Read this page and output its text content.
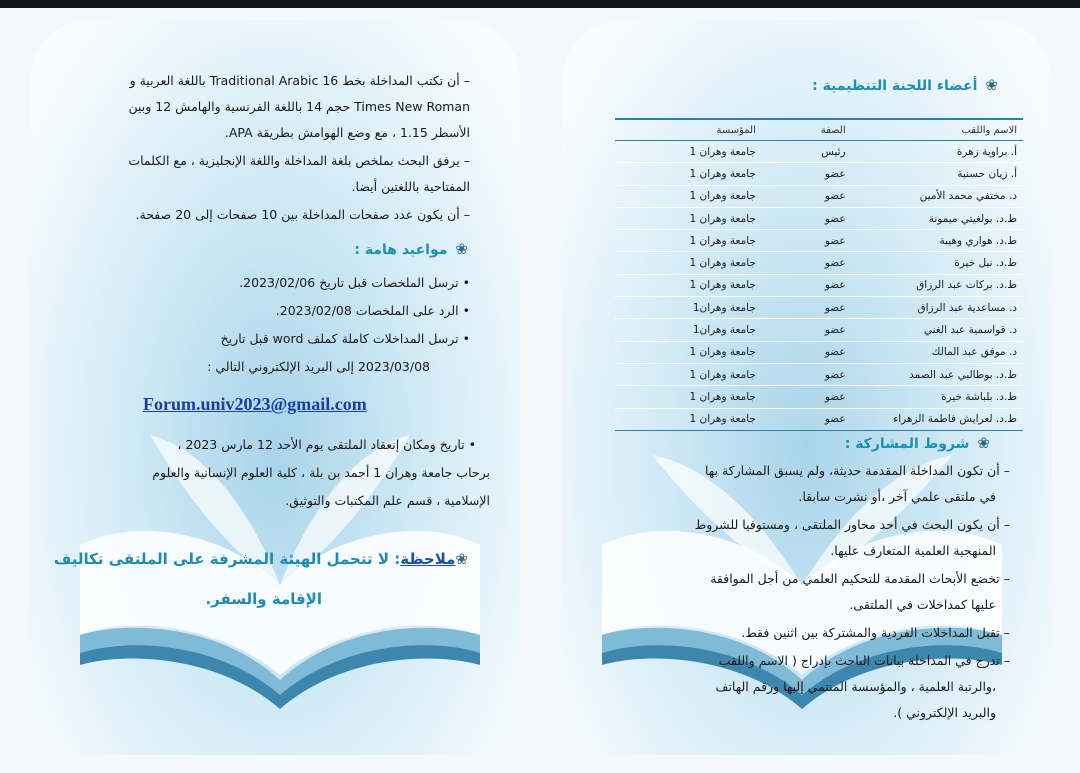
– أن تكتب المداخلة بخط 16 Traditional Arabic باللغة العربية و
Times New Roman حجم 14 باللغة الفرنسية والهامش 12 وبين
الأسطر 1.15 ، مع وضع الهوامش بطريقة APA.
– يرفق البحث بملخص بلغة المداخلة واللغة الإنجليزية ، مع الكلمات
المفتاحية باللغتين أيضا.
– أن يكون عدد صفحات المداخلة بين 10 صفحات إلى 20 صفحة.
❀مواعيد هامة :
• ترسل الملخصات قبل تاريخ 2023/02/06.
• الرد على الملخصات 2023/02/08.
• ترسل المداخلات كاملة كملف word قبل تاريخ
2023/03/08 إلى البريد الإلكتروني التالي :
Forum.univ2023@gmail.com
• تاريخ ومكان إنعقاد الملتقى يوم الأحد 12 مارس 2023 ،
برحاب جامعة وهران 1 أحمد بن بلة ، كلية العلوم الإنسانية والعلوم
الإسلامية ، قسم علم المكتبات والتوثيق.
❀ملاحظة: لا تتحمل الهيئة المشرفة على الملتقى تكاليف
الإقامة والسفر.
❀أعضاء اللجنة التنظيمية :
الاسم واللقب	الصفة	المؤسسة
أ. براوية زهرة	رئيس	جامعة وهران 1
أ. زيان حسنية	عضو	جامعة وهران 1
د. مختفي محمد الأمين	عضو	جامعة وهران 1
ط.د. بولغيتي ميمونة	عضو	جامعة وهران 1
ط.د. هواري وهيبة	عضو	جامعة وهران 1
ط.د. نيل خيرة	عضو	جامعة وهران 1
ط.د. بركات عبد الرزاق	عضو	جامعة وهران 1
د. مساعدية عبد الرزاق	عضو	جامعة وهران1
د. قواسمية عبد الغني	عضو	جامعة وهران1
د. موفق عبد المالك	عضو	جامعة وهران 1
ط.د. بوطالبي عبد الصمد	عضو	جامعة وهران 1
ط.د. بلباشة خيرة	عضو	جامعة وهران 1
ط.د. لعرايش فاطمة الزهراء	عضو	جامعة وهران 1
❀شروط المشاركة :
– أن تكون المداخلة المقدمة حديثة، ولم يسبق المشاركة بها
في ملتقى علمي آخر ،أو نشرت سابقا.
– أن يكون البحث في أحد محاور الملتقى ، ومستوفيا للشروط
المنهجية العلمية المتعارف عليها.
– تخضع الأبحاث المقدمة للتحكيم العلمي من أجل الموافقة
عليها كمداخلات في الملتقى.
– تقبل المداخلات الفردية والمشتركة بين اثنين فقط.
– تدرج في المداخلة بيانات الباحث بإدراج ( الاسم واللقب
،والرتبة العلمية ، والمؤسسة المنتمي إليها ورقم الهاتف
والبريد الإلكتروني ).
